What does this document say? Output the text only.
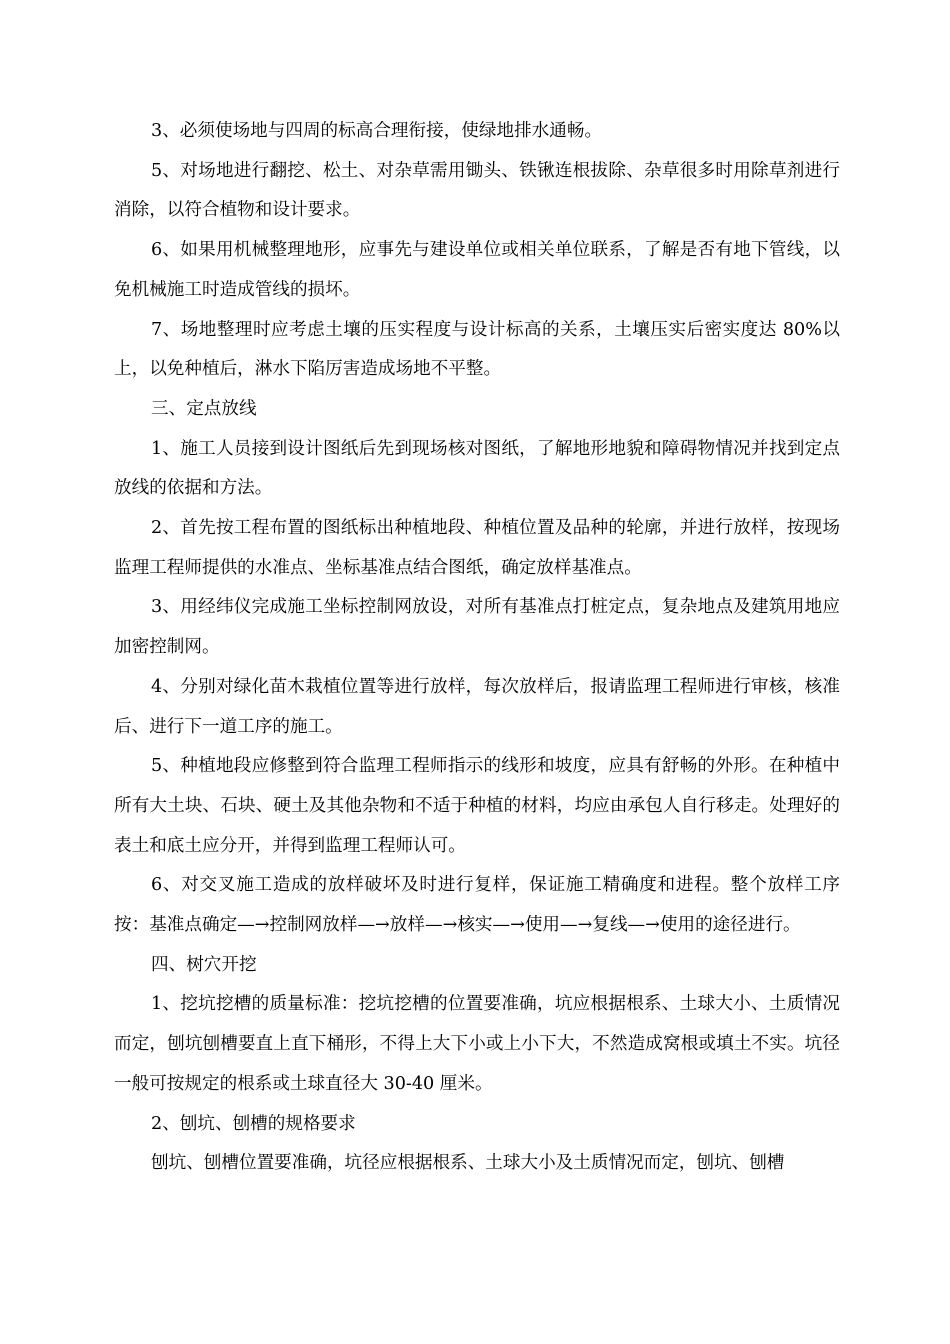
3、必须使场地与四周的标高合理衔接，使绿地排水通畅。

5、对场地进行翻挖、松土、对杂草需用锄头、铁锹连根拔除、杂草很多时用除草剂进行消除，以符合植物和设计要求。

6、如果用机械整理地形，应事先与建设单位或相关单位联系，了解是否有地下管线，以免机械施工时造成管线的损坏。

7、场地整理时应考虑土壤的压实程度与设计标高的关系，土壤压实后密实度达 80%以上，以免种植后，淋水下陷厉害造成场地不平整。

三、定点放线

1、施工人员接到设计图纸后先到现场核对图纸，了解地形地貌和障碍物情况并找到定点放线的依据和方法。

2、首先按工程布置的图纸标出种植地段、种植位置及品种的轮廓，并进行放样，按现场监理工程师提供的水准点、坐标基准点结合图纸，确定放样基准点。

3、用经纬仪完成施工坐标控制网放设，对所有基准点打桩定点，复杂地点及建筑用地应加密控制网。

4、分别对绿化苗木栽植位置等进行放样，每次放样后，报请监理工程师进行审核，核准后、进行下一道工序的施工。

5、种植地段应修整到符合监理工程师指示的线形和坡度，应具有舒畅的外形。在种植中所有大土块、石块、硬土及其他杂物和不适于种植的材料，均应由承包人自行移走。处理好的表土和底土应分开，并得到监理工程师认可。

6、对交叉施工造成的放样破坏及时进行复样，保证施工精确度和进程。整个放样工序按：基准点确定—→控制网放样—→放样—→核实—→使用—→复线—→使用的途径进行。

四、树穴开挖

1、挖坑挖槽的质量标准：挖坑挖槽的位置要准确，坑应根据根系、土球大小、土质情况而定，刨坑刨槽要直上直下桶形，不得上大下小或上小下大，不然造成窝根或填土不实。坑径一般可按规定的根系或土球直径大 30-40 厘米。

2、刨坑、刨槽的规格要求

刨坑、刨槽位置要准确，坑径应根据根系、土球大小及土质情况而定，刨坑、刨槽
